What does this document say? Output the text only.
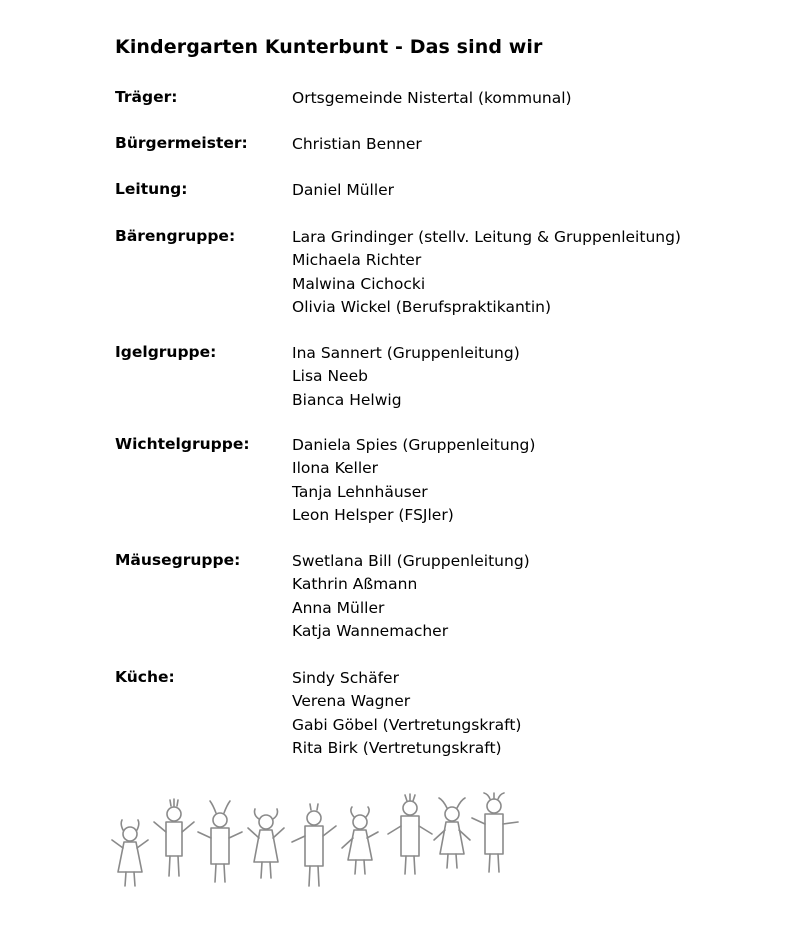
Kindergarten Kunterbunt - Das sind wir
Träger:	Ortsgemeinde Nistertal (kommunal)
Bürgermeister:	Christian Benner
Leitung:	Daniel Müller
Bärengruppe:	Lara Grindinger (stellv. Leitung & Gruppenleitung)
Michaela Richter
Malwina Cichocki
Olivia Wickel (Berufspraktikantin)
Igelgruppe:	Ina Sannert (Gruppenleitung)
Lisa Neeb
Bianca Helwig
Wichtelgruppe:	Daniela Spies (Gruppenleitung)
Ilona Keller
Tanja Lehnhäuser
Leon Helsper (FSJler)
Mäusegruppe:	Swetlana Bill (Gruppenleitung)
Kathrin Aßmann
Anna Müller
Katja Wannemacher
Küche:	Sindy Schäfer
Verena Wagner
Gabi Göbel (Vertretungskraft)
Rita Birk (Vertretungskraft)
